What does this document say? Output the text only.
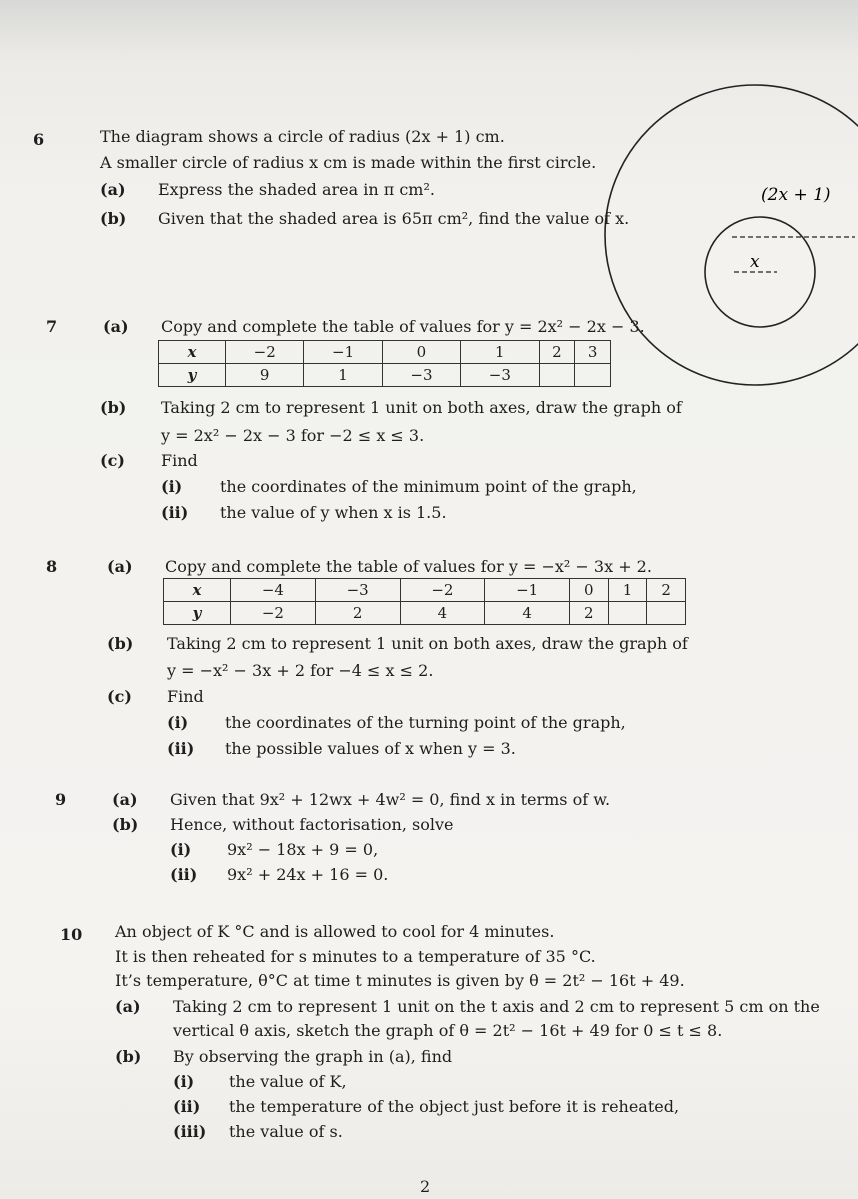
(2x + 1)
x
6	The diagram shows a circle of radius (2x + 1) cm.
A smaller circle of radius x cm is made within the first circle.
(a) Express the shaded area in π cm².
(b) Given that the shaded area is 65π cm², find the value of x.
7	(a) Copy and complete the table of values for y = 2x² − 2x − 3.
x	−2	−1	0	1	2	3
y	9	1	−3	−3		
(b) Taking 2 cm to represent 1 unit on both axes, draw the graph of
y = 2x² − 2x − 3 for −2 ≤ x ≤ 3.
(c) Find
(i) the coordinates of the minimum point of the graph,
(ii) the value of y when x is 1.5.
8	(a) Copy and complete the table of values for y = −x² − 3x + 2.
x	−4	−3	−2	−1	0	1	2
y	−2	2	4	4	2		
(b) Taking 2 cm to represent 1 unit on both axes, draw the graph of
y = −x² − 3x + 2 for −4 ≤ x ≤ 2.
(c) Find
(i) the coordinates of the turning point of the graph,
(ii) the possible values of x when y = 3.
9	(a) Given that 9x² + 12wx + 4w² = 0, find x in terms of w.
(b) Hence, without factorisation, solve
(i) 9x² − 18x + 9 = 0,
(ii) 9x² + 24x + 16 = 0.
10 An object of K °C and is allowed to cool for 4 minutes.
It is then reheated for s minutes to a temperature of 35 °C.
It’s temperature, θ°C at time t minutes is given by θ = 2t² − 16t + 49.
(a) Taking 2 cm to represent 1 unit on the t axis and 2 cm to represent 5 cm on the
vertical θ axis, sketch the graph of θ = 2t² − 16t + 49 for 0 ≤ t ≤ 8.
(b) By observing the graph in (a), find
(i) the value of K,
(ii) the temperature of the object just before it is reheated,
(iii) the value of s.
2
